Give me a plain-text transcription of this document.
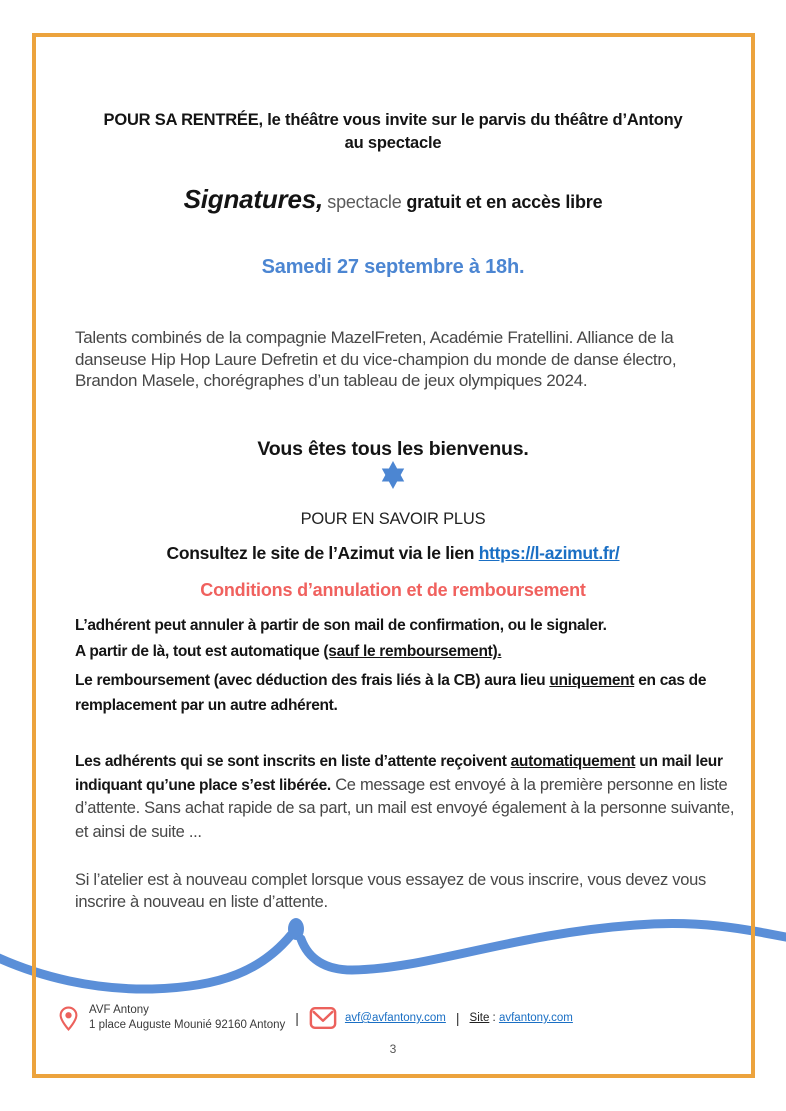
POUR SA RENTRÉE, le théâtre vous invite sur le parvis du théâtre d’Antony
au spectacle
Signatures, spectacle gratuit et en accès libre
Samedi 27 septembre à 18h.
Talents combinés de la compagnie MazelFreten, Académie Fratellini. Alliance de la danseuse Hip Hop Laure Defretin et du vice-champion du monde de danse électro, Brandon Masele, chorégraphes d’un tableau de jeux olympiques 2024.
Vous êtes tous les bienvenus.
POUR EN SAVOIR PLUS
Consultez le site de l’Azimut via le lien https://l-azimut.fr/
Conditions d’annulation et de remboursement
L’adhérent peut annuler à partir de son mail de confirmation, ou le signaler.
A partir de là, tout est automatique (sauf le remboursement).
Le remboursement (avec déduction des frais liés à la CB) aura lieu uniquement en cas de remplacement par un autre adhérent.
Les adhérents qui se sont inscrits en liste d’attente reçoivent automatiquement un mail leur indiquant qu’une place s’est libérée. Ce message est envoyé à la première personne en liste d’attente. Sans achat rapide de sa part, un mail est envoyé également à la personne suivante, et ainsi de suite ...
Si l’atelier est à nouveau complet lorsque vous essayez de vous inscrire, vous devez vous inscrire à nouveau en liste d’attente.
AVF Antony
1 place Auguste Mounié 92160 Antony |	avf@avfantony.com | Site : avfantony.com
3
